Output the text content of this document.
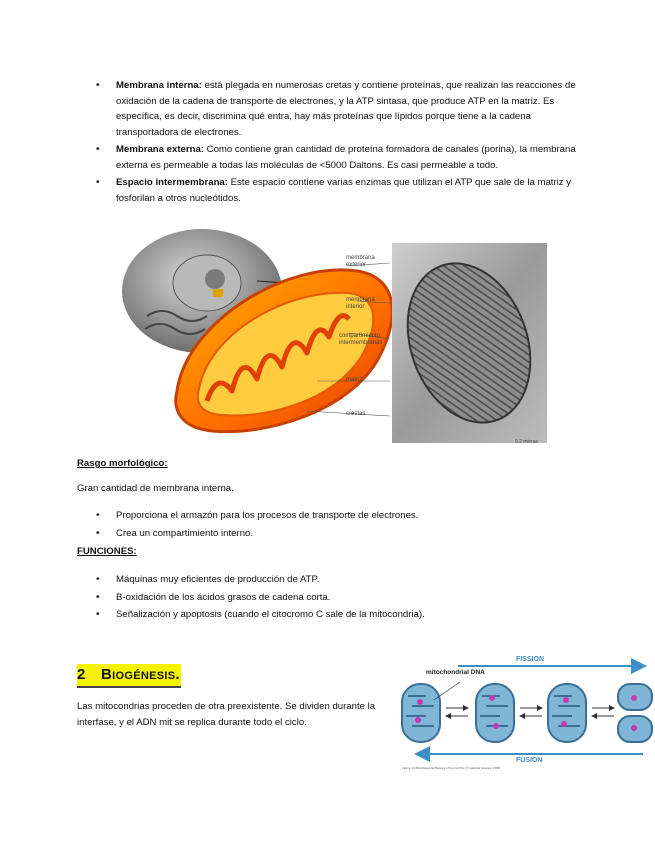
• Membrana interna: está plegada en numerosas cretas y contiene proteínas, que realizan las reacciones de oxidación de la cadena de transporte de electrones, y la ATP sintasa, que produce ATP en la matriz. Es específica, es decir, discrimina qué entra, hay más proteínas que lípidos porque tiene a la cadena transportadora de electrones.
• Membrana externa: Como contiene gran cantidad de proteína formadora de canales (porina), la membrana externa es permeable a todas las moléculas de <5000 Daltons. Es casi permeable a todo.
• Espacio intermembrana: Este espacio contiene varias enzimas que utilizan el ATP que sale de la matriz y fosforilan a otros nucleótidos.
membrana exterior
membrana interior
compartimiento intermembranas
matriz
crestas
0.2 micras
Rasgo morfológico:
Gran cantidad de membrana interna.
• Proporciona el armazón para los procesos de transporte de electrones.
• Crea un compartimiento interno.
FUNCIONES:
• Máquinas muy eficientes de producción de ATP.
• B-oxidación de los ácidos grasos de cadena corta.
• Señalización y apoptosis (cuando el citocromo C sale de la mitocondria).
2 Biogénesis.
Las mitocondrias proceden de otra preexistente. Se dividen durante la interfase, y el ADN mit se replica durante todo el ciclo.
FISSION
FUSION
mitochondrial DNA
Figure 14-56a Molecular Biology of the Cell 5/e (© Garland Science 2008)
